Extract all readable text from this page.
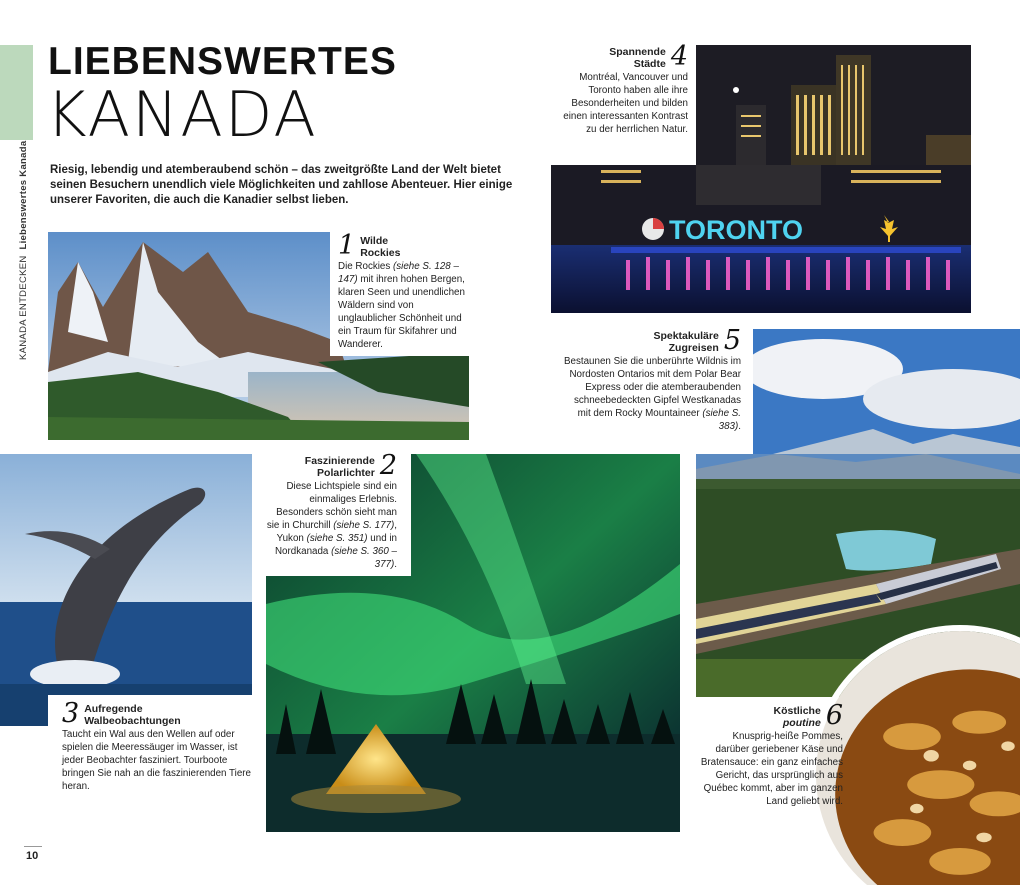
KANADA ENTDECKEN  Liebenswertes Kanada
LIEBENSWERTES
KANADA
Riesig, lebendig und atemberaubend schön – das zweitgrößte Land der Welt bietet seinen Besuchern unendlich viele Möglichkeiten und zahllose Abenteuer. Hier einige unserer Favoriten, die auch die Kanadier selbst lieben.
1 Wilde
Rockies
Die Rockies (siehe S. 128 –147) mit ihren hohen Bergen, klaren Seen und unendlichen Wäldern sind von unglaublicher Schönheit und ein Traum für Skifahrer und Wanderer.
TORONTO
Spannende
Städte 4
Montréal, Vancouver und Toronto haben alle ihre Besonderheiten und bilden einen interessanten Kontrast zu der herrlichen Natur.
Spektakuläre
Zugreisen 5
Bestaunen Sie die unberührte Wildnis im Nordosten Ontarios mit dem Polar Bear Express oder die atemberaubenden schneebedeckten Gipfel Westkanadas mit dem Rocky Mountaineer (siehe S. 383).
3 Aufregende
Walbeobachtungen
Taucht ein Wal aus den Wellen auf oder spielen die Meeressäuger im Wasser, ist jeder Beobachter fasziniert. Tourboote bringen Sie nah an die faszinierenden Tiere heran.
Faszinierende
Polarlichter 2
Diese Lichtspiele sind ein einmaliges Erlebnis. Besonders schön sieht man sie in Churchill (siehe S. 177), Yukon (siehe S. 351) und in Nordkanada (siehe S. 360 – 377).
Köstliche
poutine 6
Knusprig-heiße Pommes, darüber geriebener Käse und Bratensauce: ein ganz einfaches Gericht, das ursprünglich aus Québec kommt, aber im ganzen Land geliebt wird.
10
